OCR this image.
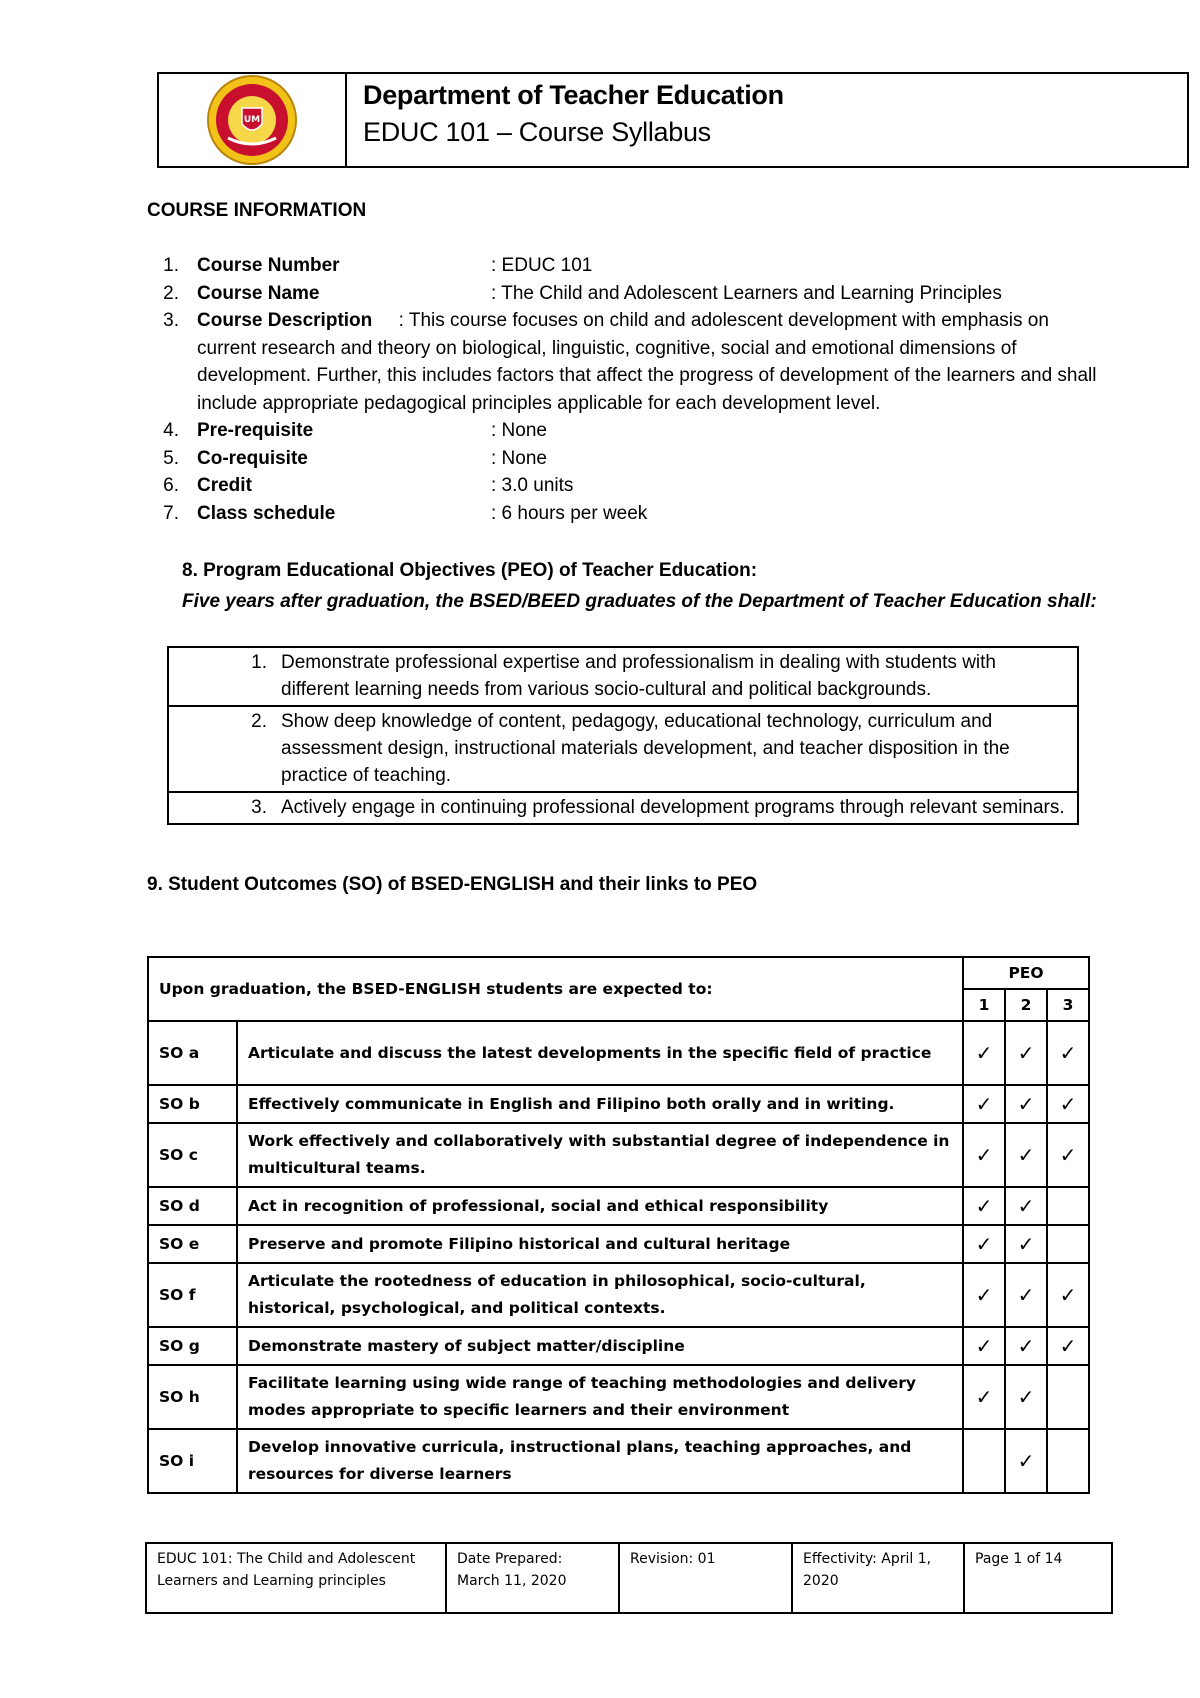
UM
Department of Teacher Education
EDUC 101 – Course Syllabus
COURSE INFORMATION
1. Course Number	: EDUC 101
2. Course Name	: The Child and Adolescent Learners and Learning Principles
3. Course Description : This course focuses on child and adolescent development with emphasis on current research and theory on biological, linguistic, cognitive, social and emotional dimensions of development. Further, this includes factors that affect the progress of development of the learners and shall include appropriate pedagogical principles applicable for each development level.
4. Pre-requisite	: None
5. Co-requisite	: None
6. Credit	: 3.0 units
7. Class schedule	: 6 hours per week
8. Program Educational Objectives (PEO) of Teacher Education:
Five years after graduation, the BSED/BEED graduates of the Department of Teacher Education shall:
1.	Demonstrate professional expertise and professionalism in dealing with students with different learning needs from various socio-cultural and political backgrounds.
2.	Show deep knowledge of content, pedagogy, educational technology, curriculum and assessment design, instructional materials development, and teacher disposition in the practice of teaching.
3.	Actively engage in continuing professional development programs through relevant seminars.
9. Student Outcomes (SO) of BSED-ENGLISH and their links to PEO
Upon graduation, the BSED-ENGLISH students are expected to:		PEO		
		1	2	3
SO a	Articulate and discuss the latest developments in the specific field of practice	✓	✓	✓
SO b	Effectively communicate in English and Filipino both orally and in writing.	✓	✓	✓
SO c	Work effectively and collaboratively with substantial degree of independence in multicultural teams.	✓	✓	✓
SO d	Act in recognition of professional, social and ethical responsibility	✓	✓	
SO e	Preserve and promote Filipino historical and cultural heritage	✓	✓	
SO f	Articulate the rootedness of education in philosophical, socio-cultural, historical, psychological, and political contexts.	✓	✓	✓
SO g	Demonstrate mastery of subject matter/discipline	✓	✓	✓
SO h	Facilitate learning using wide range of teaching methodologies and delivery modes appropriate to specific learners and their environment	✓	✓	
SO i	Develop innovative curricula, instructional plans, teaching approaches, and resources for diverse learners		✓	
EDUC 101: The Child and Adolescent Learners and Learning principles	Date Prepared: March 11, 2020	Revision: 01	Effectivity: April 1, 2020	Page 1 of 14
